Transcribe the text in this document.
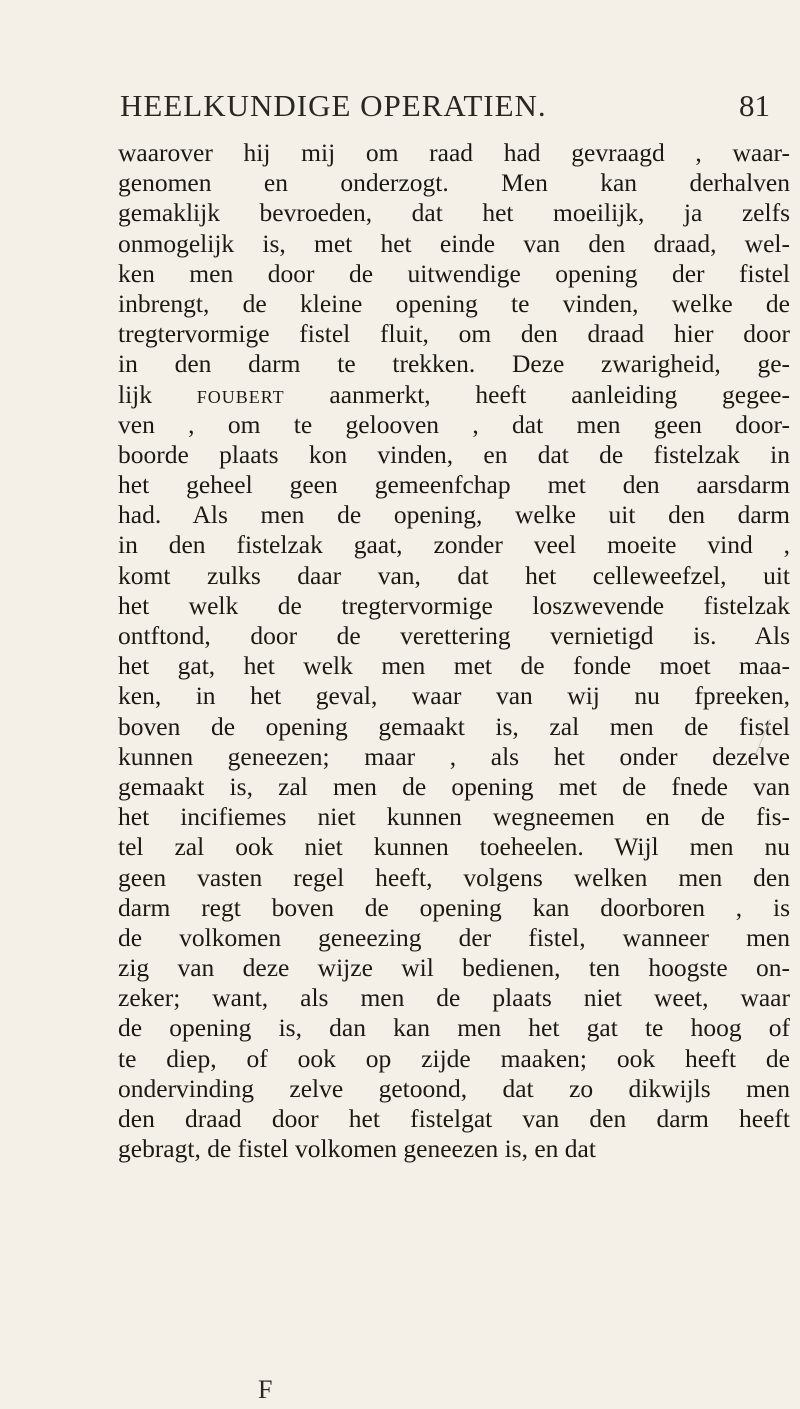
HEELKUNDIGE OPERATIEN.	81
waarover hij mij om raad had gevraagd , waar-
genomen en onderzogt. Men kan derhalven
gemaklijk bevroeden, dat het moeilijk, ja zelfs
onmogelijk is, met het einde van den draad, wel-
ken men door de uitwendige opening der fistel
inbrengt, de kleine opening te vinden, welke de
tregtervormige fistel fluit, om den draad hier door
in den darm te trekken. Deze zwarigheid, ge-
lijk foubert aanmerkt, heeft aanleiding gegee-
ven , om te gelooven , dat men geen door-
boorde plaats kon vinden, en dat de fistelzak in
het geheel geen gemeenfchap met den aarsdarm
had. Als men de opening, welke uit den darm
in den fistelzak gaat, zonder veel moeite vind ,
komt zulks daar van, dat het celleweefzel, uit
het welk de tregtervormige loszwevende fistelzak
ontftond, door de verettering vernietigd is. Als
het gat, het welk men met de fonde moet maa-
ken, in het geval, waar van wij nu fpreeken,
boven de opening gemaakt is, zal men de fistel
kunnen geneezen; maar , als het onder dezelve
gemaakt is, zal men de opening met de fnede van
het incifiemes niet kunnen wegneemen en de fis-
tel zal ook niet kunnen toeheelen. Wijl men nu
geen vasten regel heeft, volgens welken men den
darm regt boven de opening kan doorboren , is
de volkomen geneezing der fistel, wanneer men
zig van deze wijze wil bedienen, ten hoogste on-
zeker; want, als men de plaats niet weet, waar
de opening is, dan kan men het gat te hoog of
te diep, of ook op zijde maaken; ook heeft de
ondervinding zelve getoond, dat zo dikwijls men
den draad door het fistelgat van den darm heeft
gebragt, de fistel volkomen geneezen is, en dat
F
